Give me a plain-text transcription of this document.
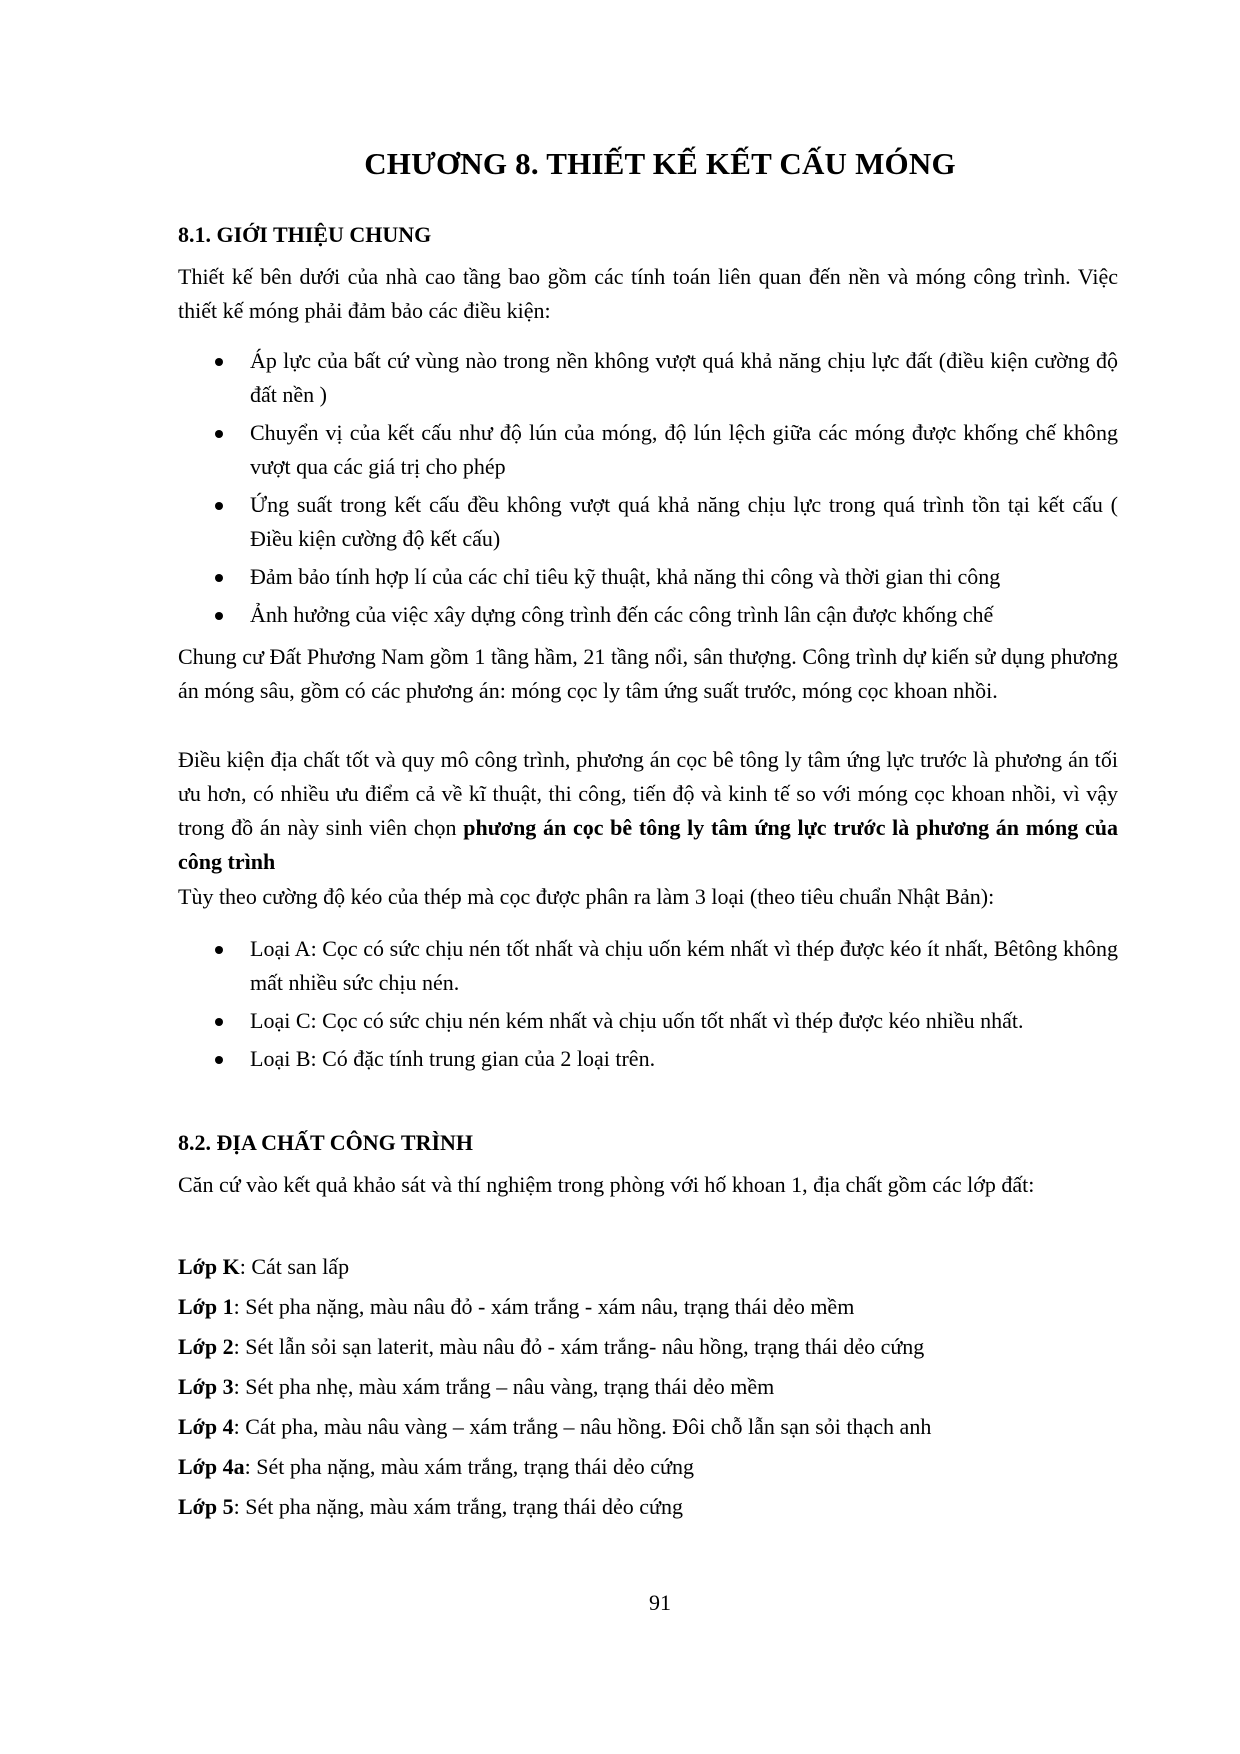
CHƯƠNG 8. THIẾT KẾ KẾT CẤU MÓNG
8.1. GIỚI THIỆU CHUNG
Thiết kế bên dưới của nhà cao tầng bao gồm các tính toán liên quan đến nền và móng công trình. Việc thiết kế móng phải đảm bảo các điều kiện:
Áp lực của bất cứ vùng nào trong nền không vượt quá khả năng chịu lực đất (điều kiện cường độ đất nền )
Chuyển vị của kết cấu như độ lún của móng, độ lún lệch giữa các móng được khống chế không vượt qua các giá trị cho phép
Ứng suất trong kết cấu đều không vượt quá khả năng chịu lực trong quá trình tồn tại kết cấu ( Điều kiện cường độ kết cấu)
Đảm bảo tính hợp lí của các chỉ tiêu kỹ thuật, khả năng thi công và thời gian thi công
Ảnh hưởng của việc xây dựng công trình đến các công trình lân cận được khống chế
Chung cư Đất Phương Nam gồm 1 tầng hầm, 21 tầng nổi, sân thượng. Công trình dự kiến sử dụng phương án móng sâu, gồm có các phương án: móng cọc ly tâm ứng suất trước, móng cọc khoan nhồi.
Điều kiện địa chất tốt và quy mô công trình, phương án cọc bê tông ly tâm ứng lực trước là phương án tối ưu hơn, có nhiều ưu điểm cả về kĩ thuật, thi công, tiến độ và kinh tế so với móng cọc khoan nhồi, vì vậy trong đồ án này sinh viên chọn phương án cọc bê tông ly tâm ứng lực trước là phương án móng của công trình
Tùy theo cường độ kéo của thép mà cọc được phân ra làm 3 loại (theo tiêu chuẩn Nhật Bản):
Loại A: Cọc có sức chịu nén tốt nhất và chịu uốn kém nhất vì thép được kéo ít nhất, Bêtông không mất nhiều sức chịu nén.
Loại C: Cọc có sức chịu nén kém nhất và chịu uốn tốt nhất vì thép được kéo nhiều nhất.
Loại B: Có đặc tính trung gian của 2 loại trên.
8.2. ĐỊA CHẤT CÔNG TRÌNH
Căn cứ vào kết quả khảo sát và thí nghiệm trong phòng với hố khoan 1, địa chất gồm các lớp đất:
Lớp K: Cát san lấp
Lớp 1: Sét pha nặng, màu nâu đỏ - xám trắng - xám nâu, trạng thái dẻo mềm
Lớp 2: Sét lẫn sỏi sạn laterit, màu nâu đỏ - xám trắng- nâu hồng, trạng thái dẻo cứng
Lớp 3: Sét pha nhẹ, màu xám trắng – nâu vàng, trạng thái dẻo mềm
Lớp 4: Cát pha, màu nâu vàng – xám trắng – nâu hồng. Đôi chỗ lẫn sạn sỏi thạch anh
Lớp 4a: Sét pha nặng, màu xám trắng, trạng thái dẻo cứng
Lớp 5: Sét pha nặng, màu xám trắng, trạng thái dẻo cứng
91
